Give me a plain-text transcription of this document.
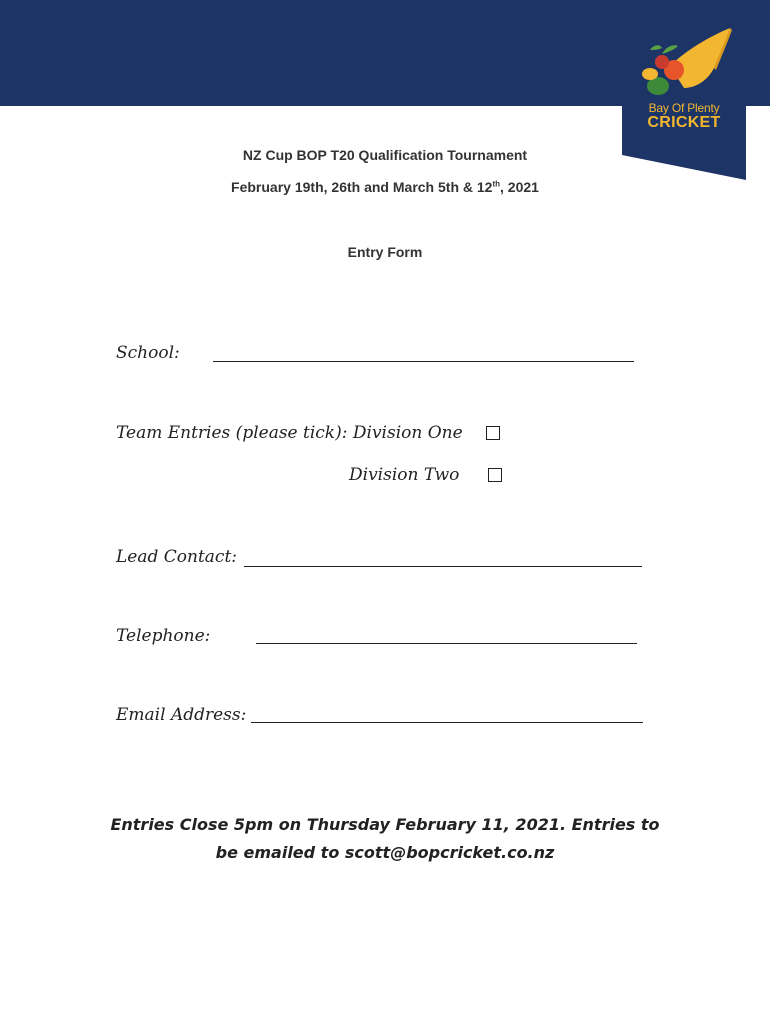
Bay Of Plenty
CRICKET
NZ Cup BOP T20 Qualification Tournament
February 19th, 26th and March 5th & 12th, 2021
Entry Form
School:
Team Entries (please tick): Division One
Division Two
Lead Contact:
Telephone:
Email Address:
Entries Close 5pm on Thursday February 11, 2021. Entries to
be emailed to scott@bopcricket.co.nz
